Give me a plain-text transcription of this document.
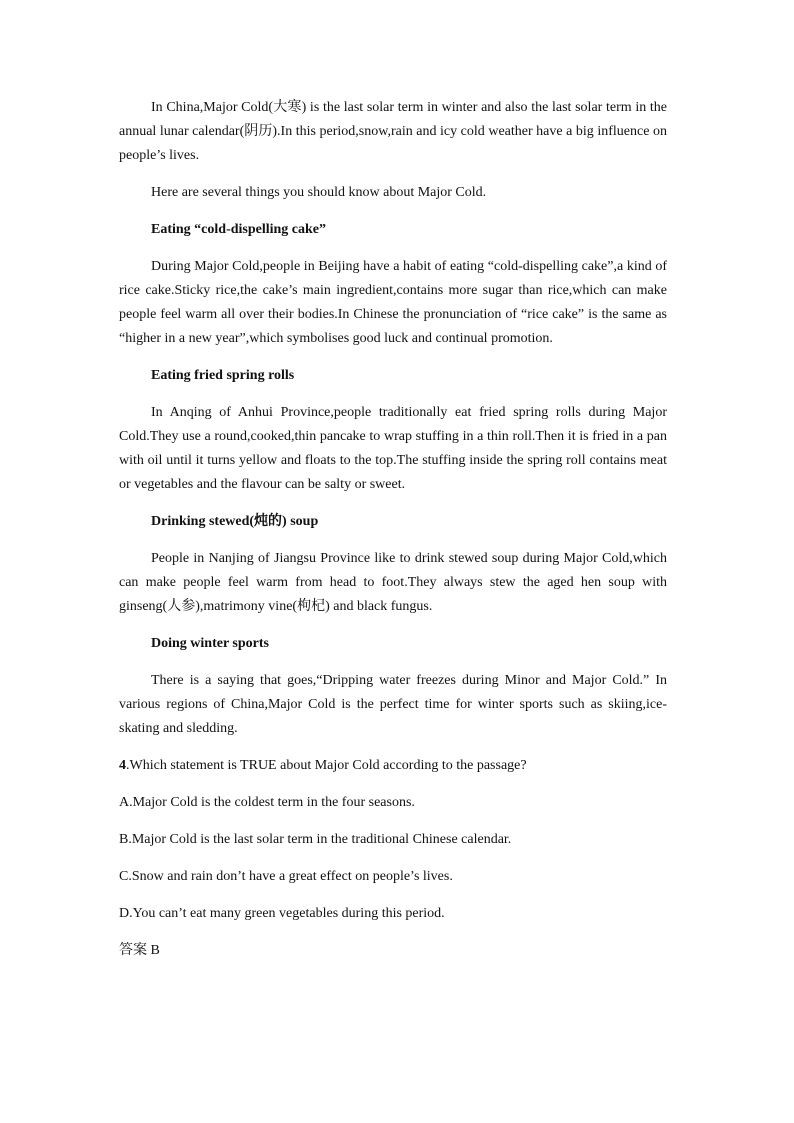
In China,Major Cold(大寒) is the last solar term in winter and also the last solar term in the annual lunar calendar(阴历).In this period,snow,rain and icy cold weather have a big influence on people’s lives.

Here are several things you should know about Major Cold.

Eating “cold-dispelling cake”

During Major Cold,people in Beijing have a habit of eating “cold-dispelling cake”,a kind of rice cake.Sticky rice,the cake’s main ingredient,contains more sugar than rice,which can make people feel warm all over their bodies.In Chinese the pronunciation of “rice cake” is the same as “higher in a new year”,which symbolises good luck and continual promotion.

Eating fried spring rolls

In Anqing of Anhui Province,people traditionally eat fried spring rolls during Major Cold.They use a round,cooked,thin pancake to wrap stuffing in a thin roll.Then it is fried in a pan with oil until it turns yellow and floats to the top.The stuffing inside the spring roll contains meat or vegetables and the flavour can be salty or sweet.

Drinking stewed(炖的) soup

People in Nanjing of Jiangsu Province like to drink stewed soup during Major Cold,which can make people feel warm from head to foot.They always stew the aged hen soup with ginseng(人参),matrimony vine(枸杞) and black fungus.

Doing winter sports

There is a saying that goes,“Dripping water freezes during Minor and Major Cold.” In various regions of China,Major Cold is the perfect time for winter sports such as skiing,ice-skating and sledding.

4.Which statement is TRUE about Major Cold according to the passage?

A.Major Cold is the coldest term in the four seasons.

B.Major Cold is the last solar term in the traditional Chinese calendar.

C.Snow and rain don’t have a great effect on people’s lives.

D.You can’t eat many green vegetables during this period.

答案 B
